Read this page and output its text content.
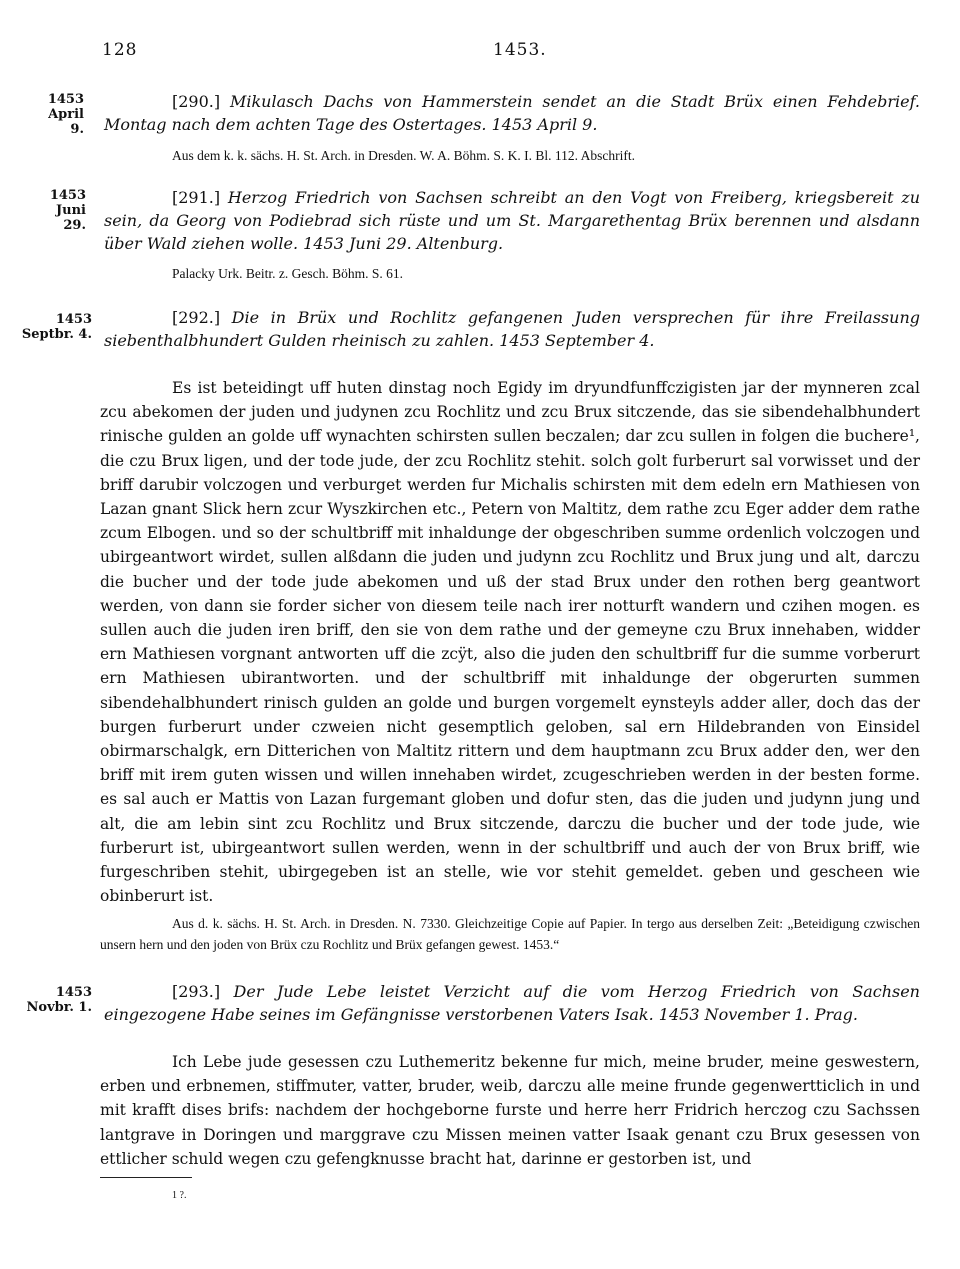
128	1453.
1453
April 9.
[290.] Mikulasch Dachs von Hammerstein sendet an die Stadt Brüx einen Fehdebrief. Montag nach dem achten Tage des Ostertages. 1453 April 9.
Aus dem k. k. sächs. H. St. Arch. in Dresden. W. A. Böhm. S. K. I. Bl. 112. Abschrift.
1453
Juni 29.
[291.] Herzog Friedrich von Sachsen schreibt an den Vogt von Freiberg, kriegsbereit zu sein, da Georg von Podiebrad sich rüste und um St. Margarethentag Brüx berennen und alsdann über Wald ziehen wolle. 1453 Juni 29. Altenburg.
Palacky Urk. Beitr. z. Gesch. Böhm. S. 61.
1453
Septbr. 4.
[292.] Die in Brüx und Rochlitz gefangenen Juden versprechen für ihre Freilassung siebenthalbhundert Gulden rheinisch zu zahlen. 1453 September 4.

Es ist beteidingt uff huten dinstag noch Egidy im dryundfunffczigisten jar der mynneren zcal zcu abekomen der juden und judynen zcu Rochlitz und zcu Brux sitczende, das sie sibendehalbhundert rinische gulden an golde uff wynachten schirsten sullen beczalen; dar zcu sullen in folgen die buchere¹, die czu Brux ligen, und der tode jude, der zcu Rochlitz stehit. solch golt furberurt sal vorwisset und der briff darubir volczogen und verburget werden fur Michalis schirsten mit dem edeln ern Mathiesen von Lazan gnant Slick hern zcur Wyszkirchen etc., Petern von Maltitz, dem rathe zcu Eger adder dem rathe zcum Elbogen. und so der schultbriff mit inhaldunge der obgeschriben summe ordenlich volczogen und ubirgeantwort wirdet, sullen alßdann die juden und judynn zcu Rochlitz und Brux jung und alt, darczu die bucher und der tode jude abekomen und uß der stad Brux under den rothen berg geantwort werden, von dann sie forder sicher von diesem teile nach irer notturft wandern und czihen mogen. es sullen auch die juden iren briff, den sie von dem rathe und der gemeyne czu Brux innehaben, widder ern Mathiesen vorgnant antworten uff die zcÿt, also die juden den schultbriff fur die summe vorberurt ern Mathiesen ubirantworten. und der schultbriff mit inhaldunge der obgerurten summen sibendehalbhundert rinisch gulden an golde und burgen vorgemelt eynsteyls adder aller, doch das der burgen furberurt under czweien nicht gesemptlich geloben, sal ern Hildebranden von Einsidel obirmarschalgk, ern Ditterichen von Maltitz rittern und dem hauptmann zcu Brux adder den, wer den briff mit irem guten wissen und willen innehaben wirdet, zcugeschrieben werden in der besten forme. es sal auch er Mattis von Lazan furgemant globen und dofur sten, das die juden und judynn jung und alt, die am lebin sint zcu Rochlitz und Brux sitczende, darczu die bucher und der tode jude, wie furberurt ist, ubirgeantwort sullen werden, wenn in der schultbriff und auch der von Brux briff, wie furgeschriben stehit, ubirgegeben ist an stelle, wie vor stehit gemeldet. geben und gescheen wie obinberurt ist.

Aus d. k. sächs. H. St. Arch. in Dresden. N. 7330. Gleichzeitige Copie auf Papier. In tergo aus derselben Zeit: „Beteidigung czwischen unsern hern und den joden von Brüx czu Rochlitz und Brüx gefangen gewest. 1453.“

1453
Novbr. 1.
[293.] Der Jude Lebe leistet Verzicht auf die vom Herzog Friedrich von Sachsen eingezogene Habe seines im Gefängnisse verstorbenen Vaters Isak. 1453 November 1. Prag.

Ich Lebe jude gesessen czu Luthemeritz bekenne fur mich, meine bruder, meine geswestern, erben und erbnemen, stiffmuter, vatter, bruder, weib, darczu alle meine frunde gegenwertticlich in und mit krafft dises brifs: nachdem der hochgeborne furste und herre herr Fridrich herczog czu Sachssen lantgrave in Doringen und marggrave czu Missen meinen vatter Isaak genant czu Brux gesessen von ettlicher schuld wegen czu gefengknusse bracht hat, darinne er gestorben ist, und

1 ?.
